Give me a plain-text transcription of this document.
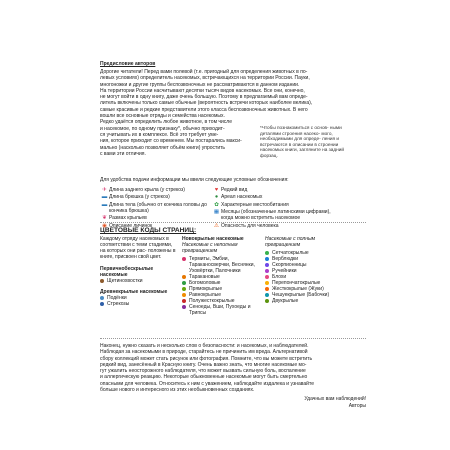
Предисловие авторов
Дорогие читатели! Перед вами полевой (т.е. пригодный для определения животных в по-
левых условиях) определитель насекомых, встречающихся на территории России. Пауки,
многоножки и другие группы беспозвоночных не рассматриваются в данном издании.
На территории России насчитывают десятки тысяч видов насекомых. Все они, конечно,
не могут войти в одну книгу, даже очень большую. Поэтому в предлагаемый вам опреде-
литель включены только самые обычные (вероятность встречи которых наиболее велика),
самые красивые и редкие представители этого класса беспозвоночных животных. В него
вошли все основные отряды и семейства насекомых.
Редко удаётся определить любое животное, в том числе
и насекомое, по одному признаку*, обычно приходит-
ся учитывать их в комплексе. Всё это требует уме-
ния, которое приходит со временем. Мы постарались макси-
мально (насколько позволяет объём книги) упростить
с вами эти отличия.
*Чтобы познакомиться с основ- ными деталями строения насеко- мого, необходимыми для опреде- ления и встречаются в описании в строении насекомых книги, загляните на задний форзац.
Для удобства подачи информации мы ввели следующие условные обозначения:
✈ Длина заднего крыла (у стрекоз)
▬ Длина брюшка (у стрекоз)
▬ Длина тела (обычно от кончика головы до кончика брюшка)
❦ Размах крыльев
◉ Описание личинок
♥ Редкий вид
● Ареал насекомых
✿ Характерные местообитания
▦ Месяцы (обозначенные латинскими цифрами), когда можно встретить насекомое
⚠ Опасность для человека
ЦВЕТОВЫЕ КОДЫ СТРАНИЦ:
Каждому отряду насекомых в соответствии с теми стадиями, на которых они рас- положены в книге, присвоен свой цвет.
Первичнобескрылые насекомые
Щетинохвостки
Древнекрылые насекомые
Подёнки
Стрекозы
Новокрылые насекомые
Насекомые с неполным превращением
Термиты, Эмбии, Тараканосверчки, Веснянки, Уховёртки, Палочники
Таракановые
Богомоловые
Прямокрылые
Равнокрылые
Полужесткокрылые
Сеноеды, Вши, Пухоеды и Трипсы
Насекомые с полным превращением
Сетчатокрылые
Верблюдки
Скорпионницы
Ручейники
Блохи
Перепончатокрылые
Жесткокрылые (Жуки)
Чешуекрылые (Бабочки)
Двукрылые
Наконец, нужно сказать и несколько слов о безопасности: и насекомых, и наблюдателей.
Наблюдая за насекомыми в природе, старайтесь не причинить им вреда. Альтернативой
сбору коллекций может стать рисунок или фотография. Помните, что вы можете встретить
редкий вид, занесённый в Красную книгу. Очень важно знать, что многие насекомые мо-
гут ужалить неосторожного наблюдателя, что может вызвать сильную боль, воспаление
и аллергическую реакцию. Некоторые обыкновенные насекомые могут быть смертельно
опасными для человека. Относитесь к ним с уважением, наблюдайте издалека и узнавайте
больше нового и интересного из этих необыкновенных созданиях.
Удачных вам наблюдений!
Авторы
